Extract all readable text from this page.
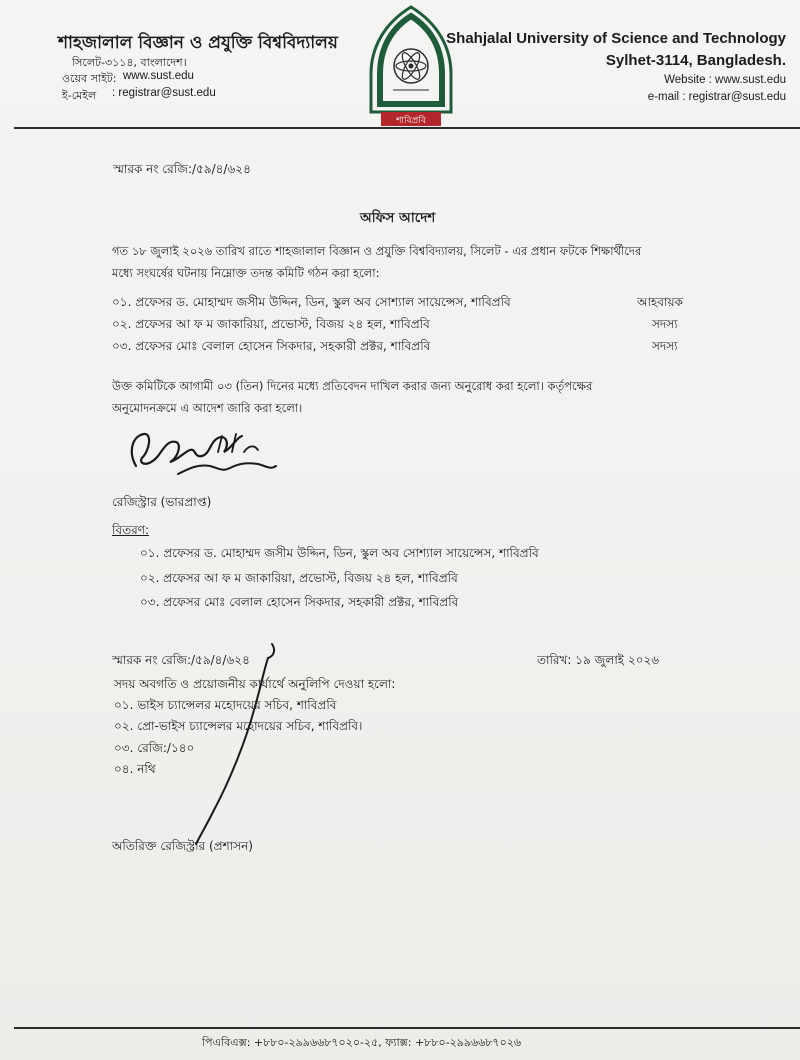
শাহজালাল বিজ্ঞান ও প্রযুক্তি বিশ্ববিদ্যালয়
সিলেট-৩১১৪, বাংলাদেশ।
ওয়েব সাইট: www.sust.edu
ই-মেইল : registrar@sust.edu
শাবিপ্রবি
Shahjalal University of Science and Technology
Sylhet-3114, Bangladesh.
Website : www.sust.edu
e-mail : registrar@sust.edu
স্মারক নং রেজি:/৫৯/৪/৬২৪
অফিস আদেশ
গত ১৮ জুলাই ২০২৬ তারিখ রাতে শাহজালাল বিজ্ঞান ও প্রযুক্তি বিশ্ববিদ্যালয়, সিলেট - এর প্রধান ফটকে শিক্ষার্থীদের
মধ্যে সংঘর্ষের ঘটনায় নিম্নোক্ত তদন্ত কমিটি গঠন করা হলো:
০১. প্রফেসর ড. মোহাম্মদ জসীম উদ্দিন, ডিন, স্কুল অব সোশ্যাল সায়েন্সেস, শাবিপ্রবি	আহবায়ক
০২. প্রফেসর আ ফ ম জাকারিয়া, প্রভোস্ট, বিজয় ২৪ হল, শাবিপ্রবি	সদস্য
০৩. প্রফেসর মোঃ বেলাল হোসেন সিকদার, সহকারী প্রক্টর, শাবিপ্রবি	সদস্য
উক্ত কমিটিকে আগামী ০৩ (তিন) দিনের মধ্যে প্রতিবেদন দাখিল করার জন্য অনুরোধ করা হলো। কর্তৃপক্ষের
অনুমোদনক্রমে এ আদেশ জারি করা হলো।
রেজিস্ট্রার (ভারপ্রাপ্ত)
বিতরণ:
০১. প্রফেসর ড. মোহাম্মদ জসীম উদ্দিন, ডিন, স্কুল অব সোশ্যাল সায়েন্সেস, শাবিপ্রবি
০২. প্রফেসর আ ফ ম জাকারিয়া, প্রভোস্ট, বিজয় ২৪ হল, শাবিপ্রবি
০৩. প্রফেসর মোঃ বেলাল হোসেন সিকদার, সহকারী প্রক্টর, শাবিপ্রবি
স্মারক নং রেজি:/৫৯/৪/৬২৪	তারিখ: ১৯ জুলাই ২০২৬
সদয় অবগতি ও প্রয়োজনীয় কার্যার্থে অনুলিপি দেওয়া হলো:
০১. ভাইস চ্যান্সেলর মহোদয়ের সচিব, শাবিপ্রবি
০২. প্রো-ভাইস চ্যান্সেলর মহোদয়ের সচিব, শাবিপ্রবি।
০৩. রেজি:/১৪০
০৪. নথি
অতিরিক্ত রেজিস্ট্রার (প্রশাসন)
পিএবিএক্স: +৮৮০-২৯৯৬৬৮৭০২০-২৫, ফ্যাক্স: +৮৮০-২৯৯৬৬৮৭০২৬
